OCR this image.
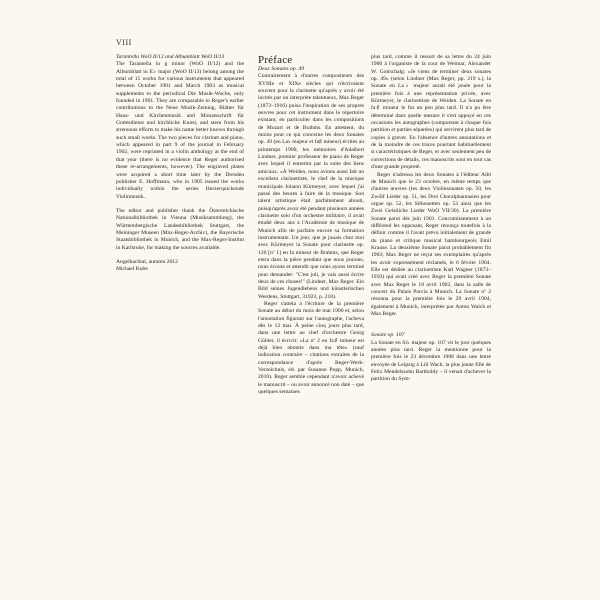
VIII

Tarantella WoO II/12 and Albumblatt WoO II/13

The Tarantella in g minor (WoO II/12) and the Albumblatt in E♭ major (WoO II/13) belong among the total of 15 works for various instruments that appeared between October 1901 and March 1903 as musical supplements to the periodical Die Musik-Woche, only founded in 1901. They are comparable to Reger's earlier contributions to the Neue Musik-Zeitung, Blätter für Haus- und Kirchenmusik and Monatsschrift für Gottesdienst und kirchliche Kunst, and stem from his strenuous efforts to make his name better known through such small works. The two pieces for clarinet and piano, which appeared in part 9 of the journal in February 1902, were reprinted in a violin anthology at the end of that year (there is no evidence that Reger authorised these re-arrangements, however). The engraved plates were acquired a short time later by the Dresden publisher E. Hoffmann, who in 1905 issued the works individually within the series Herzerquickende Violinmusik.

The editor and publisher thank the Österreichische Nationalbibliothek in Vienna (Musiksammlung), the Württembergische Landesbibliothek Stuttgart, the Meininger Museen (Max-Reger-Archiv), the Bayerische Staatsbibliothek in Munich, and the Max-Reger-Institut in Karlsruhe, for making the sources available.

Angelbachtal, autumn 2012

Michael Kube

Préface

Deux Sonates op. 49

Contrairement à d'autres compositeurs des XVIIIe et XIXe siècles qui n'écrivaient souvent pour la clarinette qu'après y avoir été incités par un interprète talentueux, Max Reger (1873–1916) puisa l'inspiration de ses propres œuvres pour cet instrument dans le répertoire existant, en particulier dans les compositions de Mozart et de Brahms. En attestent, du moins pour ce qui concerne les deux Sonates op. 49 (en La♭ majeur et fa♯ mineur) écrites au printemps 1900, les mémoires d'Adalbert Lindner, premier professeur de piano de Reger avec lequel il entretint par la suite des liens amicaux. «À Weiden, nous avions aussi fait un excellent clarinettiste, le chef de la musique municipale Johann Kürmeyer, avec lequel j'ai passé des heures à faire de la musique. Son talent artistique était parfaitement abouti, puisqu'après avoir été pendant plusieurs années clarinette solo d'un orchestre militaire, il avait étudié deux ans à l'Académie de musique de Munich afin de parfaire encore sa formation instrumentale. Un jour, que je jouais chez moi avec Kürmeyer la Sonate pour clarinette op. 120 [nº 1] en fa mineur de Brahms, que Reger entra dans la pièce pendant que nous jouions, nous écouta et attendit que nous ayons terminé pour demander: "C'est joli, je vais aussi écrire deux de ces choses!" (Lindner, Max Reger. Ein Bild seines Jugendlebens und künstlerischen Werdens, Stuttgart, 31923, p. 218).

Reger s'attela à l'écriture de la première Sonate au début du mois de mai 1900 et, selon l'annotation figurant sur l'autographe, l'acheva dès le 12 mai. À peine cinq jours plus tard, dans une lettre au chef d'orchestre Georg Göhler, il écrivit: «La nº 2 en fa♯ mineur est déjà bien aboutie dans ma tête» (sauf indication contraire – citations extraites de la correspondance d'après Reger-Werk-Verzeichnis, éd. par Susanne Popp, Munich, 2010). Reger semble cependant n'avoir achevé le manuscrit – ou avoir annoncé non daté – que quelques semaines

plus tard, comme il ressort de sa lettre du 24 juin 1900 à l'organiste de la cour de Weimar, Alexander W. Gottschalg: «Je viens de terminer deux sonates op. 49» (selon Lindner (Max Reger, pp. 219 s.), la Sonate en La♭ majeur aurait été jouée pour la première fois à une représentation privée, avec Kürmeyer, le clarinettiste de Weiden. La Sonate en fa♯ mineur le fut un peu plus tard. Il n'a pu être déterminé dans quelle mesure il s'est appuyé en ces occasions les autographes (comportant à chaque fois partition et parties séparées) qui servirent plus tard de copies à graver. En l'absence d'autres annotations et de la moindre de ces traces pourtant habituellement si caractéristiques de Reger, et avec seulement peu de corrections de détails, ces manuscrits sont en tout cas d'une grande propreté.

Reger n'adressa les deux Sonates à l'éditeur Aibl de Munich que le 23 octobre, en même temps que d'autres œuvres (les deux Violinsonaten op. 50, les Zwölf Lieder op. 51, les Drei Choralphantasien pour orgue op. 52, les Silhouetten op. 53 ainsi que les Zwei Geistliche Lieder WoO VII/30). La première Sonate parut dès juin 1901. Concomitamment à un différend les opposant, Reger renonça toutefois à la définir comme il l'avait prévu initialement de grande du piano et critique musical hambourgeois Emil Krause. La deuxième Sonate parut probablement fin 1903; Max Reger ne reçut ses exemplaires qu'après les avoir expressément réclamés, le 6 février 1904. Elle est dédiée au clarinettiste Karl Wagner (1873–1950) qui avait créé avec Reger la première Sonate avec Max Reger le 18 avril 1902, dans la salle de concert du Palais Porcia à Munich. La Sonate nº 2 résonna pour la première fois le 29 avril 1904, également à Munich, interprétée par Anton Walch et Max Reger.

Sonate op. 107

La Sonate en Si♭ majeur op. 107 vit le jour quelques années plus tard. Reger la mentionne pour la première fois le 23 décembre 1908 dans une lettre envoyée de Leipzig à Lili Wach, la plus jeune fille de Felix Mendelssohn Bartholdy – il venait d'achever la partition du Sym-
